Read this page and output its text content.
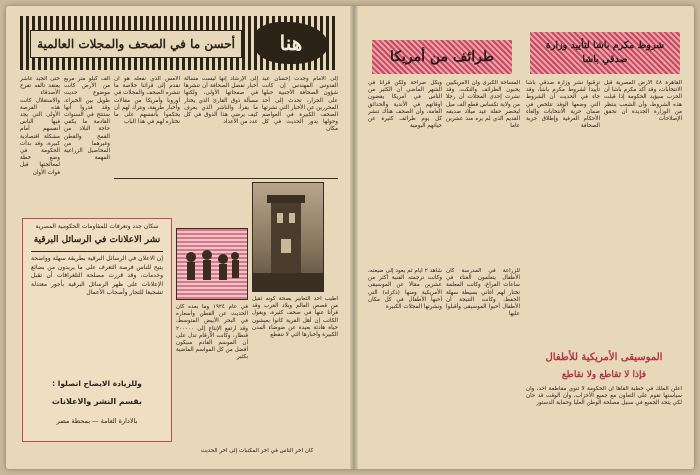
أحسن ما في الصحف والمجلات العالمية هنا
إلى الأمام وجدت إحسان عبد القدوس المهندس إن كانت شؤون الصحافة الأجنبية حبلها على الجرار، تحدث إلى أحد المحررين عن الأخبار التي نشرتها الصحف الكبيرة في العواصم وحولها يدور الحديث في كل مكان
إلى الإرشاد إنها ليست مسألة أخبار تفضل الصحافة أن تنشرها في صفحاتها الأولى، ولكنها مسألة ذوق القارئ الذي يختار ما يقرأ، والناشر الذي يعرف كيف يرضي هذا الذوق في كل عدد من الأعداد
الأمس الذي نفعله هو أن نقدم إلى قرائنا خلاصة ما تنشره الصحف والمجلات في أوروبا وأمريكا من مقالات وأخبار طريفة، ونترك لهم أن يحكموا بأنفسهم على ما نختاره لهم في هذا الباب
ألف كيلو متر مربع من الأرض كانت موضوع حديث طويل بين الخبراء، وقد قدروا أنها ستنتج في السنوات القادمة ما يكفي حاجة البلاد من القمح والقطن وغيرهما من المحاصيل الزراعية المهمة
حتى الجيد عاشر يعتقد تالفه تفرح الأصدقاء والاستقلال كانت هذه الفرصة الأولى التي يجد فيها الناس أنفسهم أمام مشكلة اقتصادية كبيرة، وقد بدأت الحكومة في وضع خطة لمعالجتها قبل فوات الأوان
أطيب أحد التعابير بصحة كونه ثقيل من قصص العالم وبلاد الغرب وقد قرأنا عنها في صحف كثيرة، ويقول الكاتب إن أهل القرية كانوا يعيشون حياة هادئة بعيدة عن ضوضاء المدن الكبيرة وأخبارها التي لا تنقطع
في عام ١٩٢٤ وما بعده كان الحديث عن القطن وأسعاره في البحر الأبيض المتوسط، وقد ارتفع الإنتاج إلى ٢٠٠٠٠٠ قنطار، وكانت الأرقام تدل على أن الموسم القادم سيكون أفضل من كل المواسم الماضية بكثير
كان آخر الناس في آخر المكتبات إلى آخر الحديث
سكان جدد وتعرفات للمقاومات الحكومية المصرية
نشر الاعلانات في الرسائل البرقية
إن الاعلان في الرسائل البرقية بطريقة سهلة وواضحة يتيح للناس فرصة التعرف على ما يريدون من بضائع وخدمات، وقد قررت مصلحة التلغرافات أن تقبل الإعلانات على ظهر الرسائل البرقية بأجور معتدلة تشجيعا للتجار وأصحاب الأعمال
وللزيادة الايضاح اتصلوا :
بقسم النشر والاعلانات
بالادارة العامة — بمحطة مصر
طرائف من أمريكا
شروط مكرم باشا لتأييد وزارة صدقي باشا
وبكل صراحة ولكن قرأنا في الشهر الماضي أن الكثير من الناس في أمريكا يقضون أوقاتهم في الأندية والحدائق العامة، وأن الصحف هناك تنشر كل يوم طرائف كثيرة عن حياتهم اليومية
المساحة الكبرى وأن الأمريكيين يحبون الطرائف والنكت، وقد نشرت إحدى المجلات أن رجلا من ولاية تكساس قطع ألف ميل ليحضر حفلة عيد ميلاد صديقه القديم الذي لم يره منذ عشرين عاما
ترقبوا نشر وزارة صدقي باشا تأييدا لشروط مكرم باشا، وقد جاء في الحديث أن الشروط التي وضعها الوفد تتلخص في ضمان حرية الانتخابات وإلغاء الأحكام العرفية وإطلاق حرية الصحافة
القاهرة ٤٨ الأرض المصرية قبل الانتخابات، وقد أكد مكرم باشا أن الحزب سيؤيد الحكومة إذا قبلت هذه الشروط، وأن الشعب ينتظر من الوزارة الجديدة أن تحقق الإصلاحات
الموسيقى الأمريكية للأطفال
فإذا لا تقاطع ولا نقاطع
شاهد ٢ أيام ثم يعود إلى ضيعته، وكانت ترجمته الفنية أكثر من عشرين مقالا عن الموسيقى الأمريكية ومنها (ذكراه) التي أحبها الأطفال في كل مكان ونشرتها المجلات الكبيرة
للزراعة في المدرسة كان الأطفال يتعلمون الغناء في ساعات الفراغ، وكانت المعلمة تختار لهم أغاني بسيطة سهلة الحفظ، وكانت النتيجة أن الأطفال أحبوا الموسيقى وأقبلوا عليها
أعلن الملك في خطبة ألقاها أن الحكومة لا تنوي مقاطعة أحد، وأن سياستها تقوم على التعاون مع جميع الأحزاب، وأن الوقت قد حان لكي يتحد الجميع في سبيل مصلحة الوطن العليا وحماية الدستور
